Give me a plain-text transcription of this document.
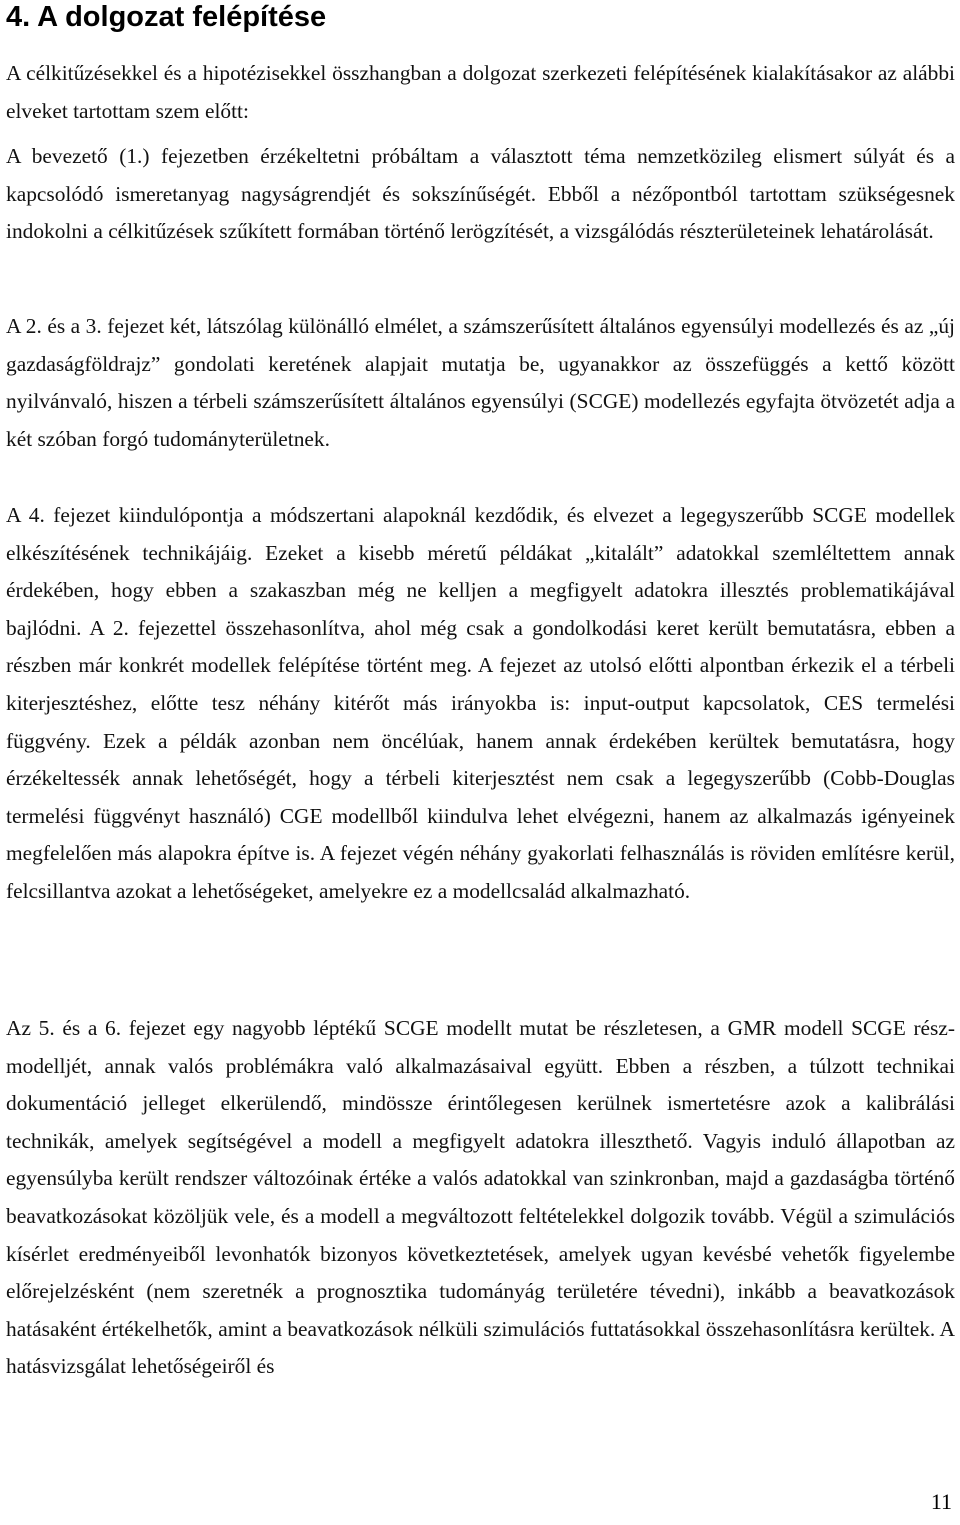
4. A dolgozat felépítése

A célkitűzésekkel és a hipotézisekkel összhangban a dolgozat szerkezeti felépítésének kialakításakor az alábbi elveket tartottam szem előtt:

A bevezető (1.) fejezetben érzékeltetni próbáltam a választott téma nemzetközileg elismert súlyát és a kapcsolódó ismeretanyag nagyságrendjét és sokszínűségét. Ebből a nézőpontból tartottam szükségesnek indokolni a célkitűzések szűkített formában történő lerögzítését, a vizsgálódás részterületeinek lehatárolását.

A 2. és a 3. fejezet két, látszólag különálló elmélet, a számszerűsített általános egyensúlyi modellezés és az „új gazdaságföldrajz” gondolati keretének alapjait mutatja be, ugyanakkor az összefüggés a kettő között nyilvánvaló, hiszen a térbeli számszerűsített általános egyensúlyi (SCGE) modellezés egyfajta ötvözetét adja a két szóban forgó tudományterületnek.

A 4. fejezet kiindulópontja a módszertani alapoknál kezdődik, és elvezet a legegyszerűbb SCGE modellek elkészítésének technikájáig. Ezeket a kisebb méretű példákat „kitalált” adatokkal szemléltettem annak érdekében, hogy ebben a szakaszban még ne kelljen a megfigyelt adatokra illesztés problematikájával bajlódni. A 2. fejezettel összehasonlítva, ahol még csak a gondolkodási keret került bemutatásra, ebben a részben már konkrét modellek felépítése történt meg. A fejezet az utolsó előtti alpontban érkezik el a térbeli kiterjesztéshez, előtte tesz néhány kitérőt más irányokba is: input-output kapcsolatok, CES termelési függvény. Ezek a példák azonban nem öncélúak, hanem annak érdekében kerültek bemutatásra, hogy érzékeltessék annak lehetőségét, hogy a térbeli kiterjesztést nem csak a legegyszerűbb (Cobb-Douglas termelési függvényt használó) CGE modellből kiindulva lehet elvégezni, hanem az alkalmazás igényeinek megfelelően más alapokra építve is. A fejezet végén néhány gyakorlati felhasználás is röviden említésre kerül, felcsillantva azokat a lehetőségeket, amelyekre ez a modellcsalád alkalmazható.

Az 5. és a 6. fejezet egy nagyobb léptékű SCGE modellt mutat be részletesen, a GMR modell SCGE rész-modelljét, annak valós problémákra való alkalmazásaival együtt. Ebben a részben, a túlzott technikai dokumentáció jelleget elkerülendő, mindössze érintőlegesen kerülnek ismertetésre azok a kalibrálási technikák, amelyek segítségével a modell a megfigyelt adatokra illeszthető. Vagyis induló állapotban az egyensúlyba került rendszer változóinak értéke a valós adatokkal van szinkronban, majd a gazdaságba történő beavatkozásokat közöljük vele, és a modell a megváltozott feltételekkel dolgozik tovább. Végül a szimulációs kísérlet eredményeiből levonhatók bizonyos következtetések, amelyek ugyan kevésbé vehetők figyelembe előrejelzésként (nem szeretnék a prognosztika tudományág területére tévedni), inkább a beavatkozások hatásaként értékelhetők, amint a beavatkozások nélküli szimulációs futtatásokkal összehasonlításra kerültek. A hatásvizsgálat lehetőségeiről és

11
